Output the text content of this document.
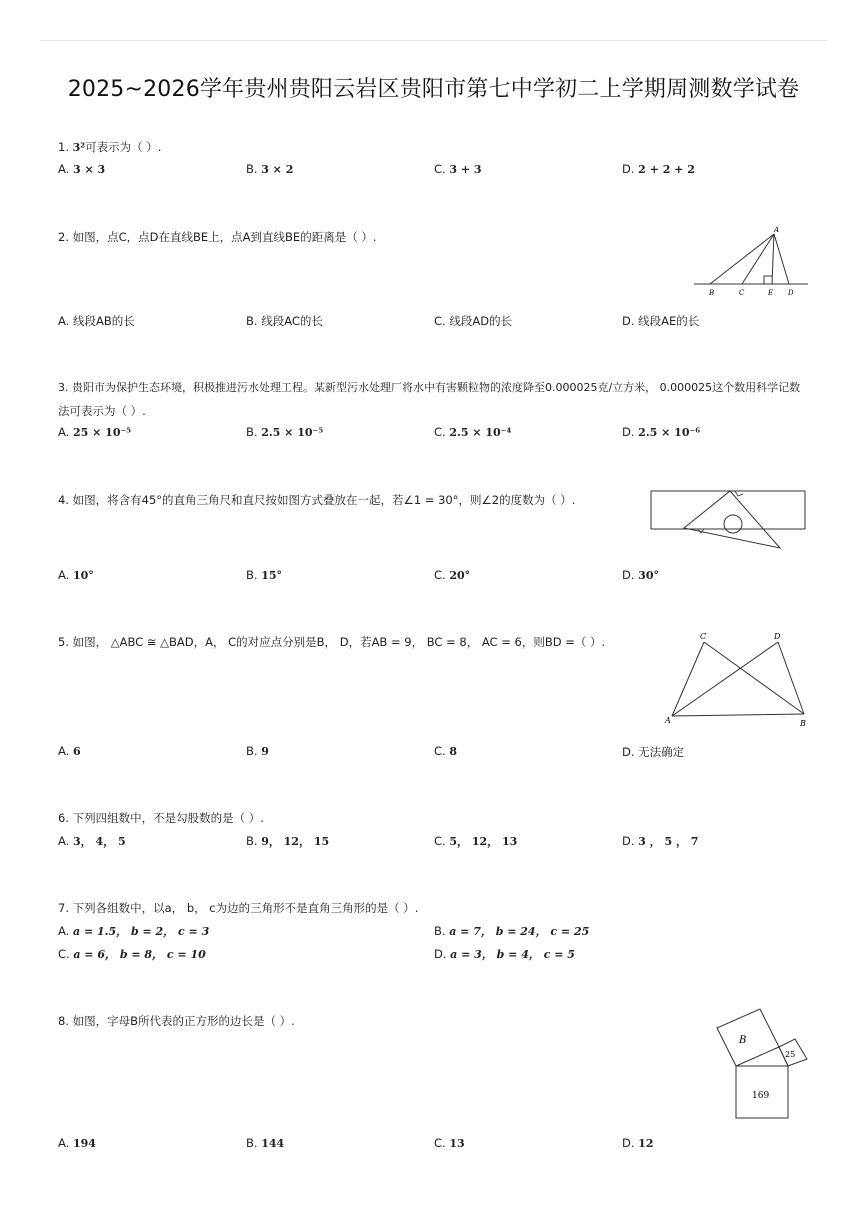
2025~2026学年贵州贵阳云岩区贵阳市第七中学初二上学期周测数学试卷
1. 3²可表示为（ ）.
A. 3 × 3	B. 3 × 2	C. 3 + 3	D. 2 + 2 + 2
2. 如图，点C，点D在直线BE上，点A到直线BE的距离是（ ）.	A
B	C	E D
A. 线段AB的长	B. 线段AC的长	C. 线段AD的长	D. 线段AE的长
3. 贵阳市为保护生态环境，积极推进污水处理工程。某新型污水处理厂将水中有害颗粒物的浓度降至0.000025克/立方米， 0.000025这个数用科学记数
法可表示为（ ）.
A. 25 × 10⁻⁵	B. 2.5 × 10⁻⁵	C. 2.5 × 10⁻⁴	D. 2.5 × 10⁻⁶
4. 如图，将含有45°的直角三角尺和直尺按如图方式叠放在一起，若∠1 = 30°，则∠2的度数为（ ）.
A. 10°	B. 15°	C. 20°	D. 30°
5. 如图， △ABC ≅ △BAD，A， C的对应点分别是B， D，若AB = 9， BC = 8， AC = 6，则BD =（ ）.	C	D
A	B
A. 6	B. 9	C. 8	D. 无法确定
6. 下列四组数中，不是勾股数的是（ ）.
A. 3， 4， 5	B. 9， 12， 15	C. 5， 12， 13	D. 3 ， 5 ， 7
7. 下列各组数中，以a， b， c为边的三角形不是直角三角形的是（ ）.
A. a = 1.5， b = 2， c = 3	B. a = 7， b = 24， c = 25
C. a = 6， b = 8， c = 10	D. a = 3， b = 4， c = 5
8. 如图，字母B所代表的正方形的边长是（ ）.
B
25
169
A. 194	B. 144	C. 13	D. 12
